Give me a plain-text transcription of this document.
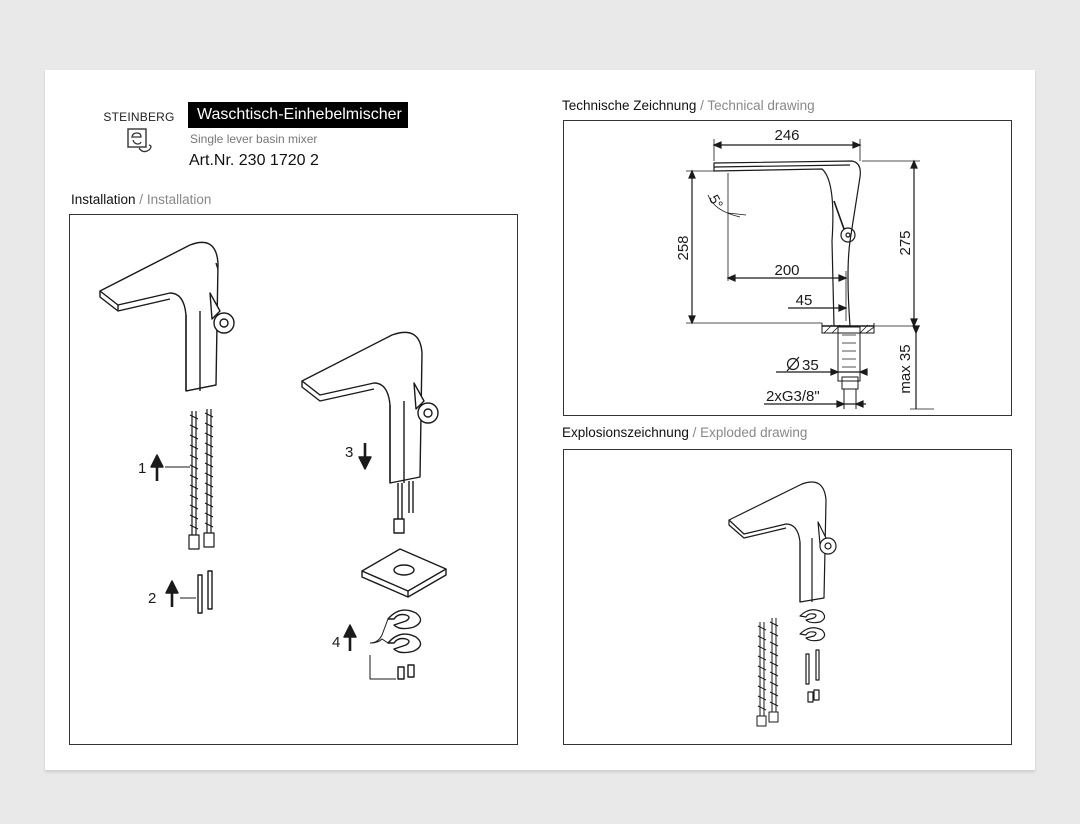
STEINBERG	Waschtisch-Einhebelmischer
Single lever basin mixer
Art.Nr. 230 1720 2
Installation / Installation
Technische Zeichnung / Technical drawing
Explosionszeichnung / Exploded drawing
1
2
3
4
246
258	275
5°
200
45
35
2xG3/8"
max 35
